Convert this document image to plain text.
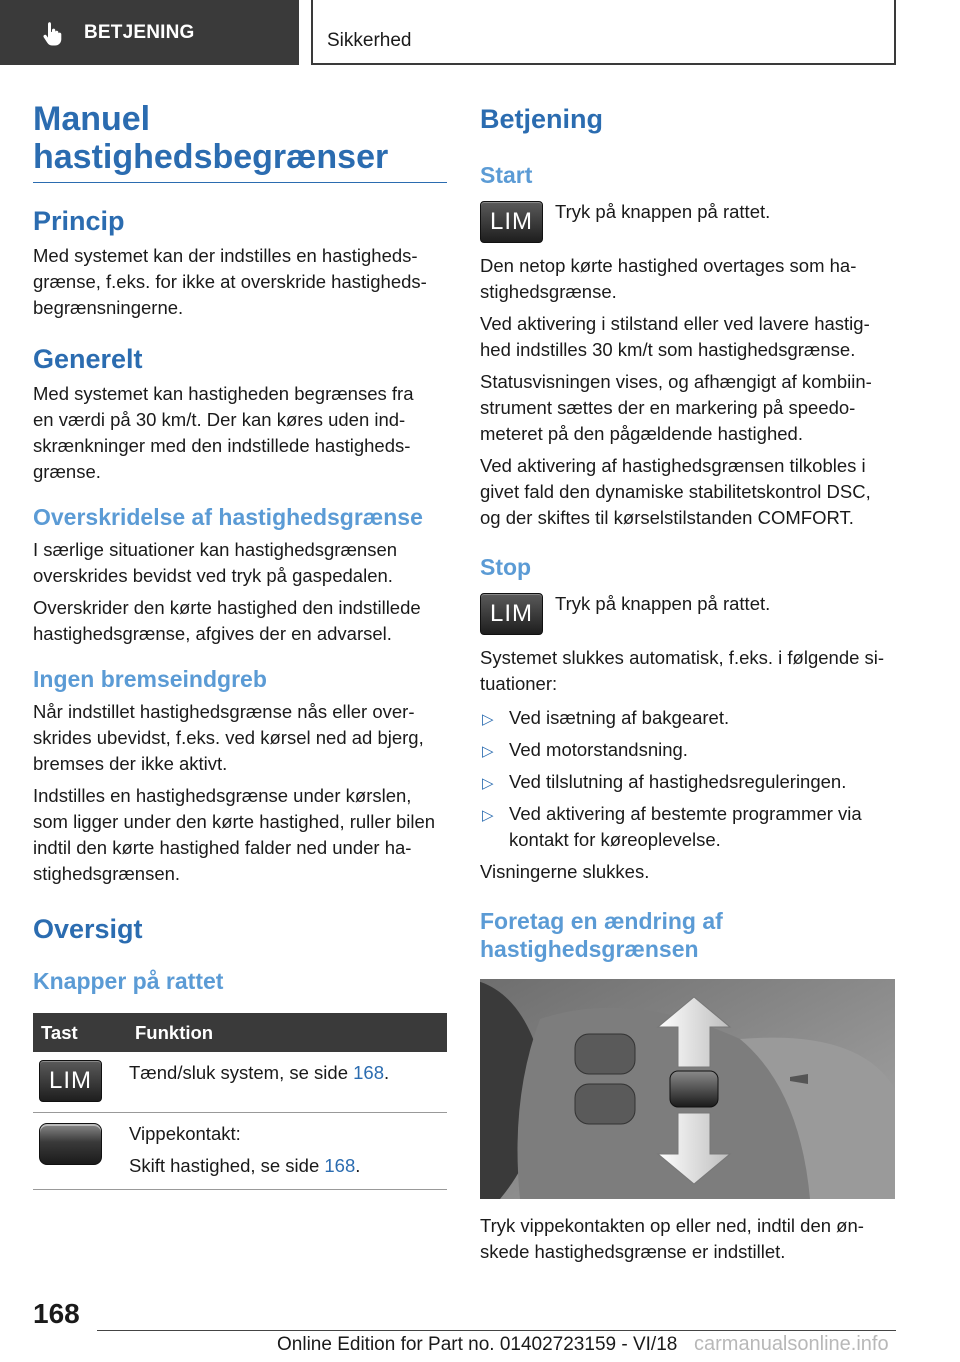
BETJENING	Sikkerhed
Manuel
hastighedsbegrænser
Princip

Med systemet kan der indstilles en hastigheds-
grænse, f.eks. for ikke at overskride hastigheds-
begrænsningerne.

Generelt

Med systemet kan hastigheden begrænses fra
en værdi på 30 km/t. Der kan køres uden ind-
skrænkninger med den indstillede hastigheds-
grænse.

Overskridelse af hastighedsgrænse

I særlige situationer kan hastighedsgrænsen
overskrides bevidst ved tryk på gaspedalen.

Overskrider den kørte hastighed den indstillede
hastighedsgrænse, afgives der en advarsel.

Ingen bremseindgreb

Når indstillet hastighedsgrænse nås eller over-
skrides ubevidst, f.eks. ved kørsel ned ad bjerg,
bremses der ikke aktivt.

Indstilles en hastighedsgrænse under kørslen,
som ligger under den kørte hastighed, ruller bilen
indtil den kørte hastighed falder ned under ha-
stighedsgrænsen.

Oversigt
Knapper på rattet
Tast	Funktion
LIM	Tænd/sluk system, se side 168.

	Vippekontakt:
Skift hastighed, se side 168.
Betjening
Start
LIM	Tryk på knappen på rattet.

Den netop kørte hastighed overtages som ha-
stighedsgrænse.

Ved aktivering i stilstand eller ved lavere hastig-
hed indstilles 30 km/t som hastighedsgrænse.

Statusvisningen vises, og afhængigt af kombiin-
strument sættes der en markering på speedo-
meteret på den pågældende hastighed.

Ved aktivering af hastighedsgrænsen tilkobles i
givet fald den dynamiske stabilitetskontrol DSC,
og der skiftes til kørselstilstanden COMFORT.

Stop
LIM	Tryk på knappen på rattet.

Systemet slukkes automatisk, f.eks. i følgende si-
tuationer:

▷ Ved isætning af bakgearet.
▷ Ved motorstandsning.
▷ Ved tilslutning af hastighedsreguleringen.
▷ Ved aktivering af bestemte programmer via
kontakt for køreoplevelse.

Visningerne slukkes.

Foretag en ændring af
hastighedsgrænsen

Tryk vippekontakten op eller ned, indtil den øn-
skede hastighedsgrænse er indstillet.

168
Online Edition for Part no. 01402723159 - VI/18 carmanualsonline.info
